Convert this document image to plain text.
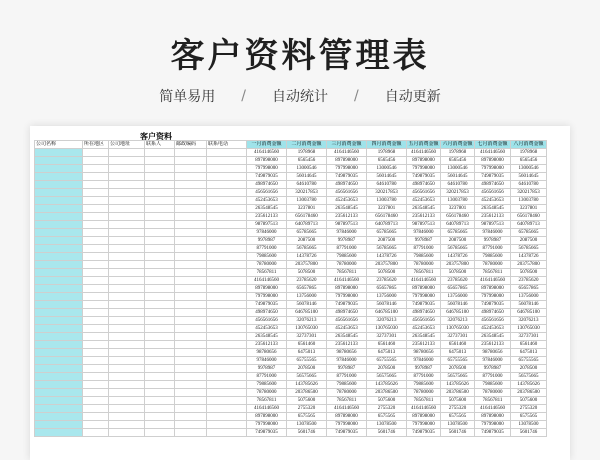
客户资料管理表
简单易用 / 自动统计 / 自动更新
客户资料
公司名称	所在地区	公司地址	联系人	邮政编码	联系电话	一月消费金额	二月消费金额	三月消费金额	四月消费金额	五月消费金额	六月消费金额	七月消费金额	八月消费金额
						4164146560	1978968	4164146560	1978968	4164146560	1978968	4164146560	1978968
						897898000	6565456	897898000	6565456	897898000	6565456	897898000	6565456
						797998000	13000546	797998000	13000546	797998000	13000546	797998000	13000546
						749879035	56014645	749879035	56014645	749879035	56014645	749879035	56014645
						498974650	64610780	498974650	64610780	498974650	64610780	498974650	64610780
						456561656	320217853	456561656	320217853	456561656	320217853	456561656	320217853
						452453653	13003780	452453653	13003780	452453653	13003780	452453653	13003780
						263548545	3237801	263548545	3237801	263548545	3237801	263548545	3237801
						235612133	656178460	235612133	656178460	235612133	656178460	235612133	656178460
						987897513	640789713	987897513	640789713	987897513	640789713	987897513	640789713
						97846000	65785665	97846000	65785665	97846000	65785665	97846000	65785665
						9978987	2087500	9978987	2087500	9978987	2087500	9978987	2087500
						87791000	56785665	87791000	56785665	87791000	56785665	87791000	56785665
						79885600	14378726	79885600	14378726	79885600	14378726	79885600	14378726
						78780000	203757800	78780000	203757800	78780000	203757800	78780000	203757800
						78567811	5078500	78567811	5078500	78567811	5078500	78567811	5078500
						4164146560	23785620	4164146560	23785620	4164146560	23785620	4164146560	23785620
						897898000	65657865	897898000	65657865	897898000	65657865	897898000	65657865
						797998000	13756000	797998000	13756000	797998000	13756000	797998000	13756000
						749879035	56078146	749879035	56078146	749879035	56078146	749879035	56078146
						498974650	646785100	498974650	646785100	498974650	646785100	498974650	646785100
						456561656	32076213	456561656	32076213	456561656	32076213	456561656	32076213
						452453653	130765030	452453653	130765030	452453653	130765030	452453653	130765030
						263548545	32737301	263548545	32737301	263548545	32737301	263548545	32737301
						235612133	6561460	235612133	6561460	235612133	6561460	235612133	6561460
						98780656	6475013	98780656	6475013	98780656	6475013	98780656	6475013
						97846000	65755565	97846000	65755565	97846000	65755565	97846000	65755565
						9978987	2078500	9978987	2078500	9978987	2078500	9978987	2078500
						87791000	56575665	87791000	56575665	87791000	56575665	87791000	56575665
						79885600	143785626	79885600	143785626	79885600	143785626	79885600	143785626
						78780000	203786500	78780000	203786500	78780000	203786500	78780000	203786500
						78567811	5075600	78567811	5075600	78567811	5075600	78567811	5075600
						4164146560	2755320	4164146560	2755320	4164146560	2755320	4164146560	2755320
						897898000	6575565	897898000	6575565	897898000	6575565	897898000	6575565
						797998000	13078500	797998000	13078500	797998000	13078500	797998000	13078500
						749879035	5601746	749879035	5601746	749879035	5601746	749879035	5601746
